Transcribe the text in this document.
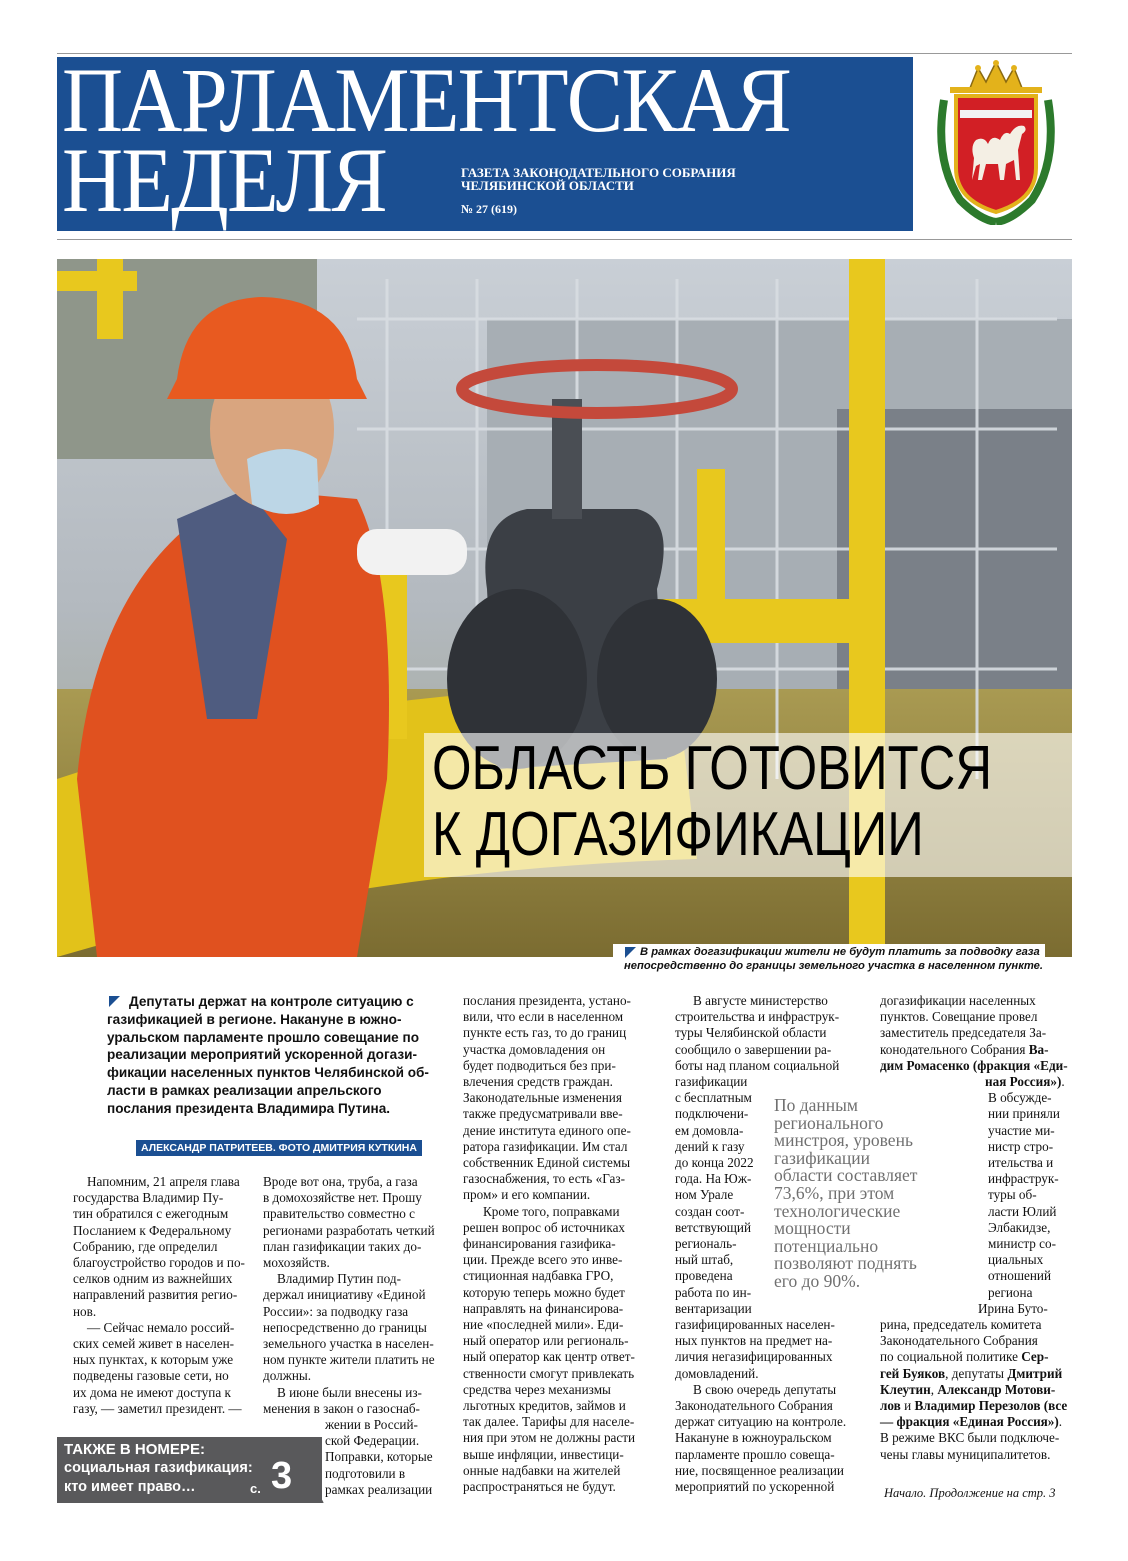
ПАРЛАМЕНТСКАЯ
НЕДЕЛЯ	ГАЗЕТА ЗАКОНОДАТЕЛЬНОГО СОБРАНИЯ
ЧЕЛЯБИНСКОЙ ОБЛАСТИ
№ 27 (619)
ОБЛАСТЬ ГОТОВИТСЯ
К ДОГАЗИФИКАЦИИ
В рамках догазификации жители не будут платить за подводку газа
непосредственно до границы земельного участка в населенном пункте.
Депутаты держат на контроле ситуацию с
газификацией в регионе. Накануне в южно-
уральском парламенте прошло совещание по
реализации мероприятий ускоренной догази-
фикации населенных пунктов Челябинской об-
ласти в рамках реализации апрельского
послания президента Владимира Путина.
АЛЕКСАНДР ПАТРИТЕЕВ. ФОТО ДМИТРИЯ КУТКИНА
Напомним, 21 апреля глава
государства Владимир Пу-
тин обратился с ежегодным
Посланием к Федеральному
Собранию, где определил
благоустройство городов и по-
селков одним из важнейших
направлений развития регио-
нов.
— Сейчас немало россий-
ских семей живет в населен-
ных пунктах, к которым уже
подведены газовые сети, но
их дома не имеют доступа к
газу, — заметил президент. —
Вроде вот она, труба, а газа
в домохозяйстве нет. Прошу
правительство совместно с
регионами разработать четкий
план газификации таких до-
мохозяйств.
Владимир Путин под-
держал инициативу «Единой
России»: за подводку газа
непосредственно до границы
земельного участка в населен-
ном пункте жители платить не
должны.
В июне были внесены из-
менения в закон о газоснаб-
жении в Россий-
ской Федерации.
Поправки, которые
подготовили в
рамках реализации
послания президента, устано-
вили, что если в населенном
пункте есть газ, то до границ
участка домовладения он
будет подводиться без при-
влечения средств граждан.
Законодательные изменения
также предусматривали вве-
дение института единого опе-
ратора газификации. Им стал
собственник Единой системы
газоснабжения, то есть «Газ-
пром» и его компании.
Кроме того, поправками
решен вопрос об источниках
финансирования газифика-
ции. Прежде всего это инве-
стиционная надбавка ГРО,
которую теперь можно будет
направлять на финансирова-
ние «последней мили». Еди-
ный оператор или региональ-
ный оператор как центр ответ-
ственности смогут привлекать
средства через механизмы
льготных кредитов, займов и
так далее. Тарифы для населе-
ния при этом не должны расти
выше инфляции, инвестици-
онные надбавки на жителей
распространяться не будут.
В августе министерство
строительства и инфраструк-
туры Челябинской области
сообщило о завершении ра-
боты над планом социальной
газификации
с бесплатным
подключени-
ем домовла-
дений к газу
до конца 2022
года. На Юж-
ном Урале
создан соот-
ветствующий
региональ-
ный штаб,
проведена
работа по ин-
вентаризации
газифицированных населен-
ных пунктов на предмет на-
личия негазифицированных
домовладений.
В свою очередь депутаты
Законодательного Собрания
держат ситуацию на контроле.
Накануне в южноуральском
парламенте прошло совеща-
ние, посвященное реализации
мероприятий по ускоренной
По данным
регионального
минстроя, уровень
газификации
области составляет
73,6%, при этом
технологические
мощности
потенциально
позволяют поднять
его до 90%.
догазификации населенных
пунктов. Совещание провел
заместитель председателя За-
конодательного Собрания Ва-
дим Ромасенко (фракция «Еди-
ная Россия»).
В обсужде-
нии приняли
участие ми-
нистр стро-
ительства и
инфраструк-
туры об-
ласти Юлий
Элбакидзе,
министр со-
циальных
отношений
региона
Ирина Буто-
рина, председатель комитета
Законодательного Собрания
по социальной политике Сер-
гей Буяков, депутаты Дмитрий
Клеутин, Александр Мотови-
лов и Владимир Перезолов (все
— фракция «Единая Россия»).
В режиме ВКС были подключе-
чены главы муниципалитетов.
ТАКЖЕ В НОМЕРЕ:
социальная газификация:
кто имеет право…	с. 3	Начало. Продолжение на стр. 3
